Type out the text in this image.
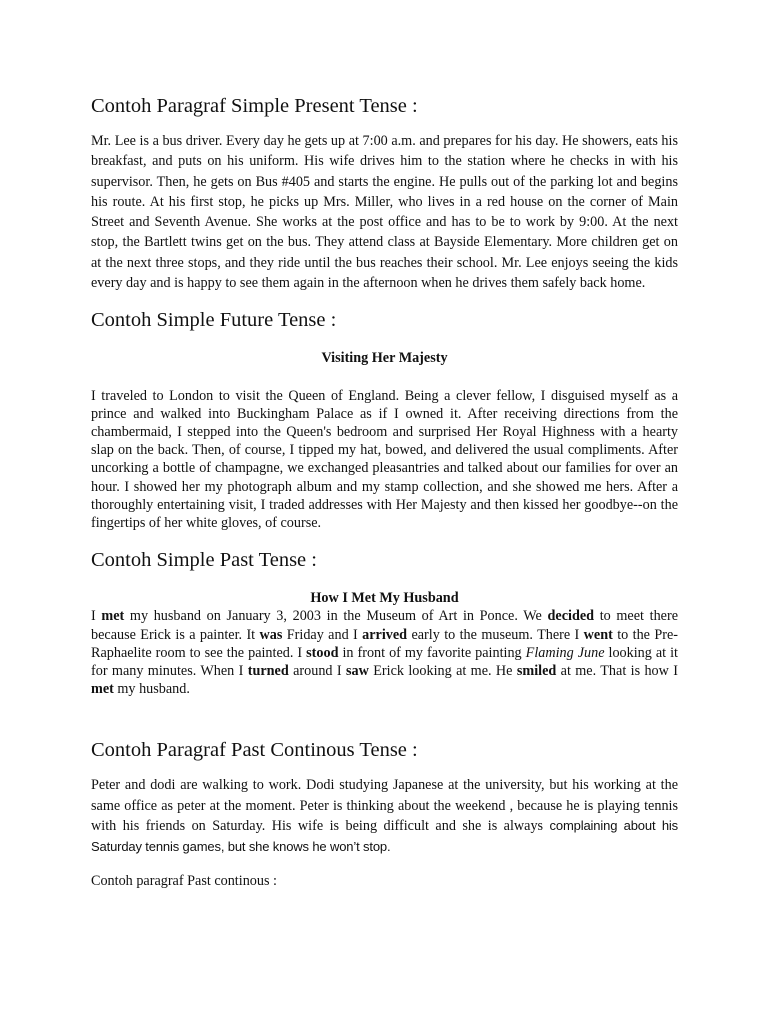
Contoh Paragraf Simple Present Tense :

Mr. Lee is a bus driver. Every day he gets up at 7:00 a.m. and prepares for his day. He showers, eats his breakfast, and puts on his uniform. His wife drives him to the station where he checks in with his supervisor. Then, he gets on Bus #405 and starts the engine. He pulls out of the parking lot and begins his route. At his first stop, he picks up Mrs. Miller, who lives in a red house on the corner of Main Street and Seventh Avenue. She works at the post office and has to be to work by 9:00. At the next stop, the Bartlett twins get on the bus. They attend class at Bayside Elementary. More children get on at the next three stops, and they ride until the bus reaches their school. Mr. Lee enjoys seeing the kids every day and is happy to see them again in the afternoon when he drives them safely back home.

Contoh Simple Future Tense :

Visiting Her Majesty

I traveled to London to visit the Queen of England. Being a clever fellow, I disguised myself as a prince and walked into Buckingham Palace as if I owned it. After receiving directions from the chambermaid, I stepped into the Queen's bedroom and surprised Her Royal Highness with a hearty slap on the back. Then, of course, I tipped my hat, bowed, and delivered the usual compliments. After uncorking a bottle of champagne, we exchanged pleasantries and talked about our families for over an hour. I showed her my photograph album and my stamp collection, and she showed me hers. After a thoroughly entertaining visit, I traded addresses with Her Majesty and then kissed her goodbye--on the fingertips of her white gloves, of course.

Contoh Simple Past Tense :

How I Met My Husband

I met my husband on January 3, 2003 in the Museum of Art in Ponce. We decided to meet there because Erick is a painter. It was Friday and I arrived early to the museum. There I went to the Pre-Raphaelite room to see the painted. I stood in front of my favorite painting Flaming June looking at it for many minutes. When I turned around I saw Erick looking at me. He smiled at me. That is how I met my husband.

Contoh Paragraf Past Continous Tense :

Peter and dodi are walking to work. Dodi studying Japanese at the university, but his working at the same office as peter at the moment. Peter is thinking about the weekend , because he is playing tennis with his friends on Saturday. His wife is being difficult and she is always complaining about his Saturday tennis games, but she knows he won’t stop.

Contoh paragraf Past continous :
